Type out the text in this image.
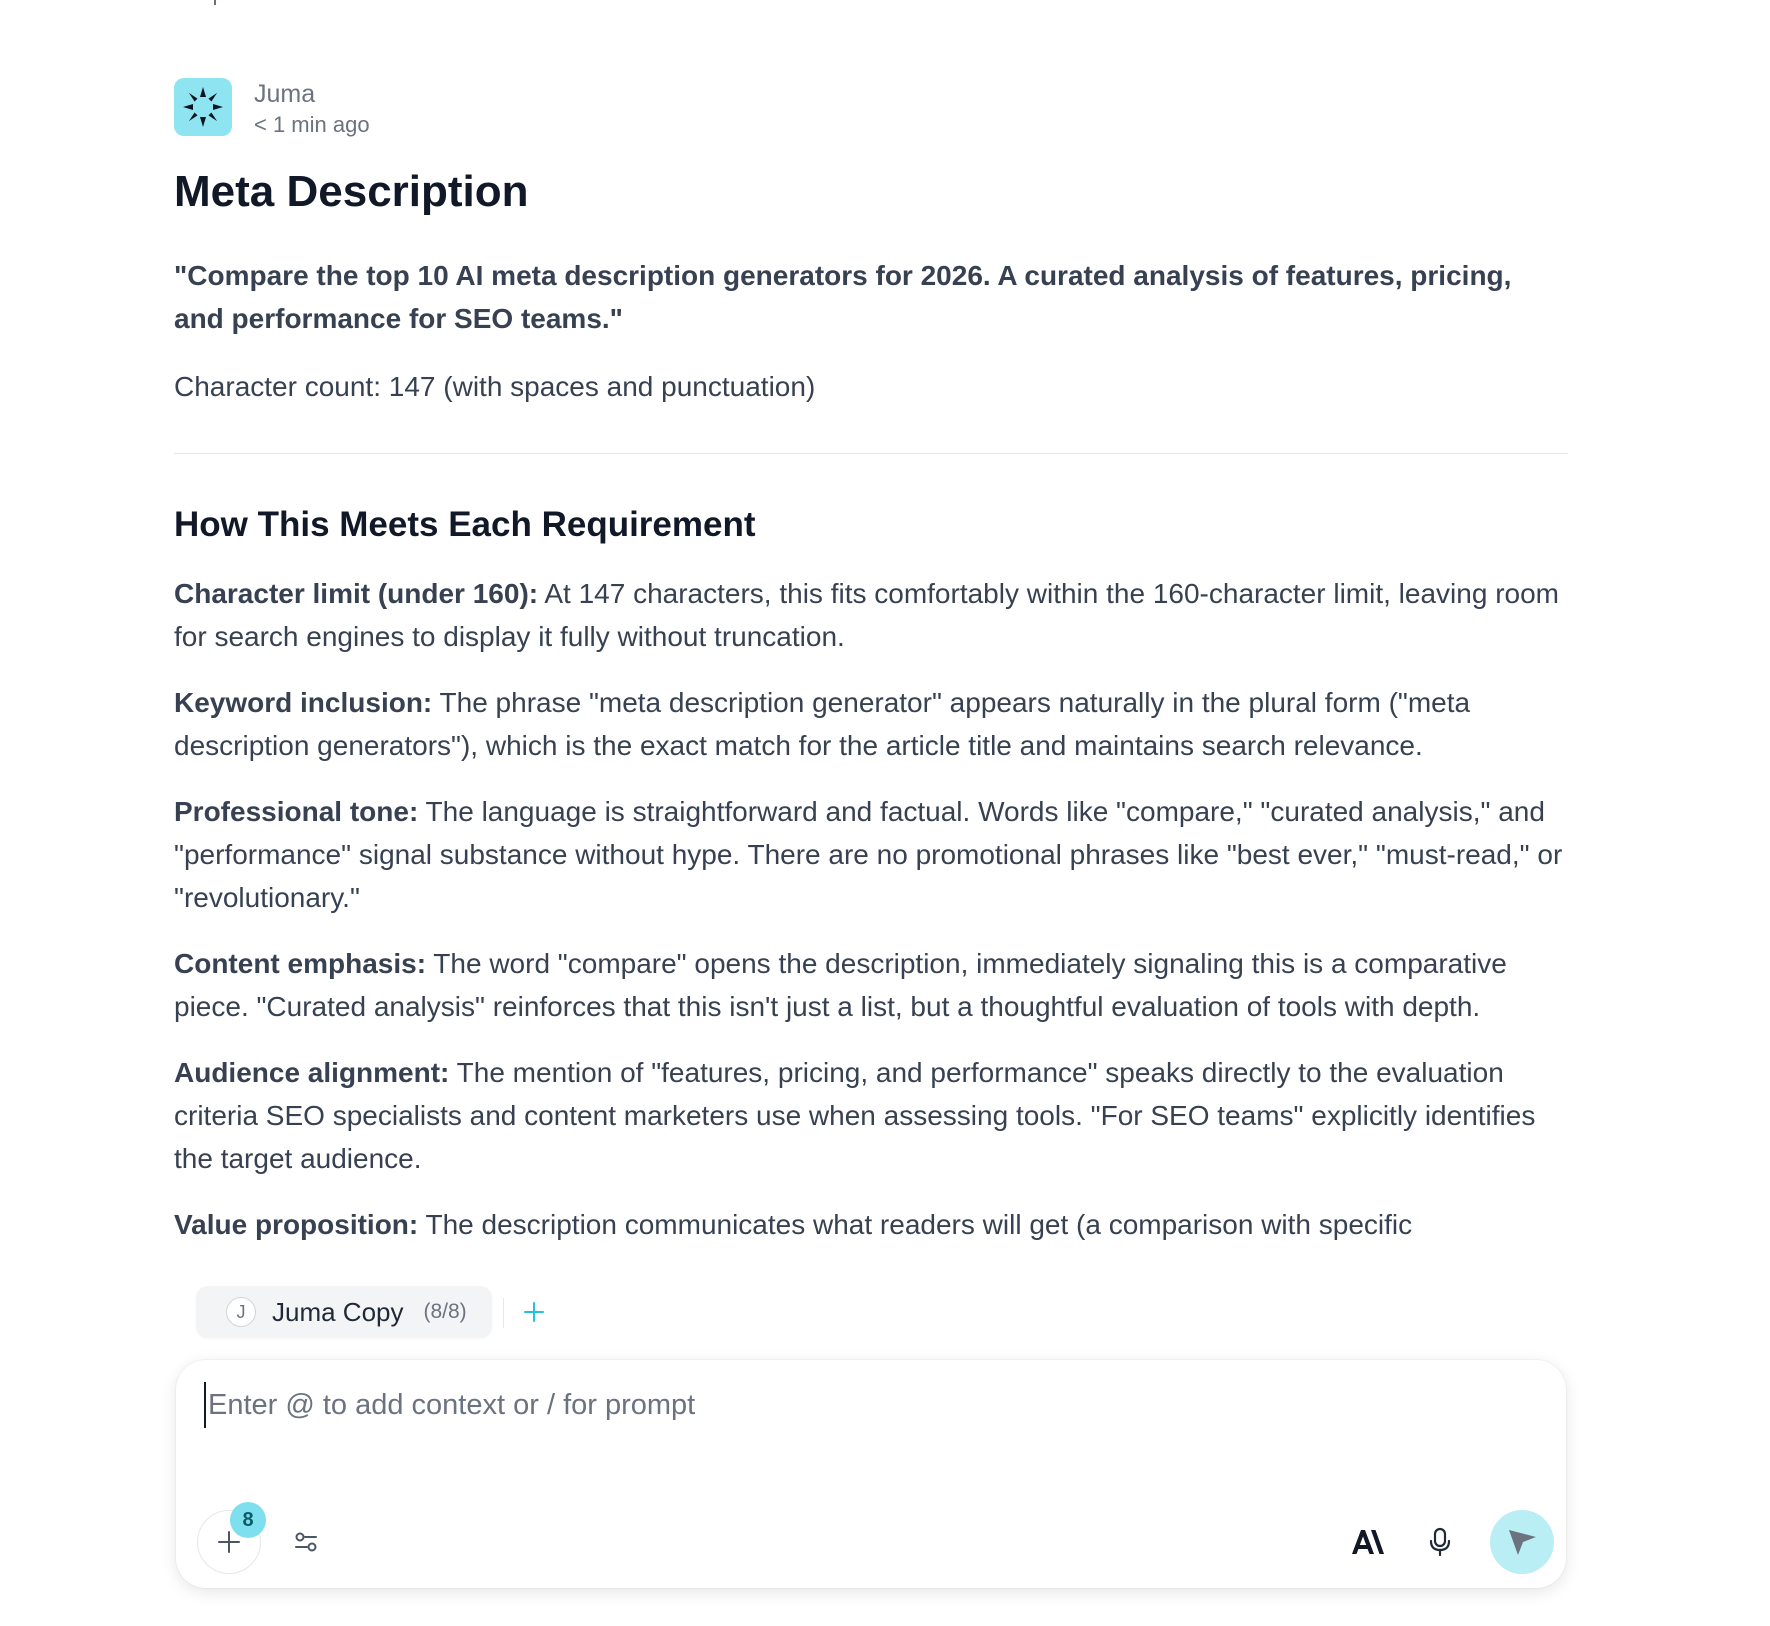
Juma
< 1 min ago
Meta Description
"Compare the top 10 AI meta description generators for 2026. A curated analysis of features, pricing, and performance for SEO teams."
Character count: 147 (with spaces and punctuation)
How This Meets Each Requirement
Character limit (under 160): At 147 characters, this fits comfortably within the 160-character limit, leaving room for search engines to display it fully without truncation.
Keyword inclusion: The phrase "meta description generator" appears naturally in the plural form ("meta description generators"), which is the exact match for the article title and maintains search relevance.
Professional tone: The language is straightforward and factual. Words like "compare," "curated analysis," and "performance" signal substance without hype. There are no promotional phrases like "best ever," "must-read," or "revolutionary."
Content emphasis: The word "compare" opens the description, immediately signaling this is a comparative piece. "Curated analysis" reinforces that this isn't just a list, but a thoughtful evaluation of tools with depth.
Audience alignment: The mention of "features, pricing, and performance" speaks directly to the evaluation criteria SEO specialists and content marketers use when assessing tools. "For SEO teams" explicitly identifies the target audience.
Value proposition: The description communicates what readers will get (a comparison with specific
J	Juma Copy (8/8)
Enter @ to add context or / for prompt
8
